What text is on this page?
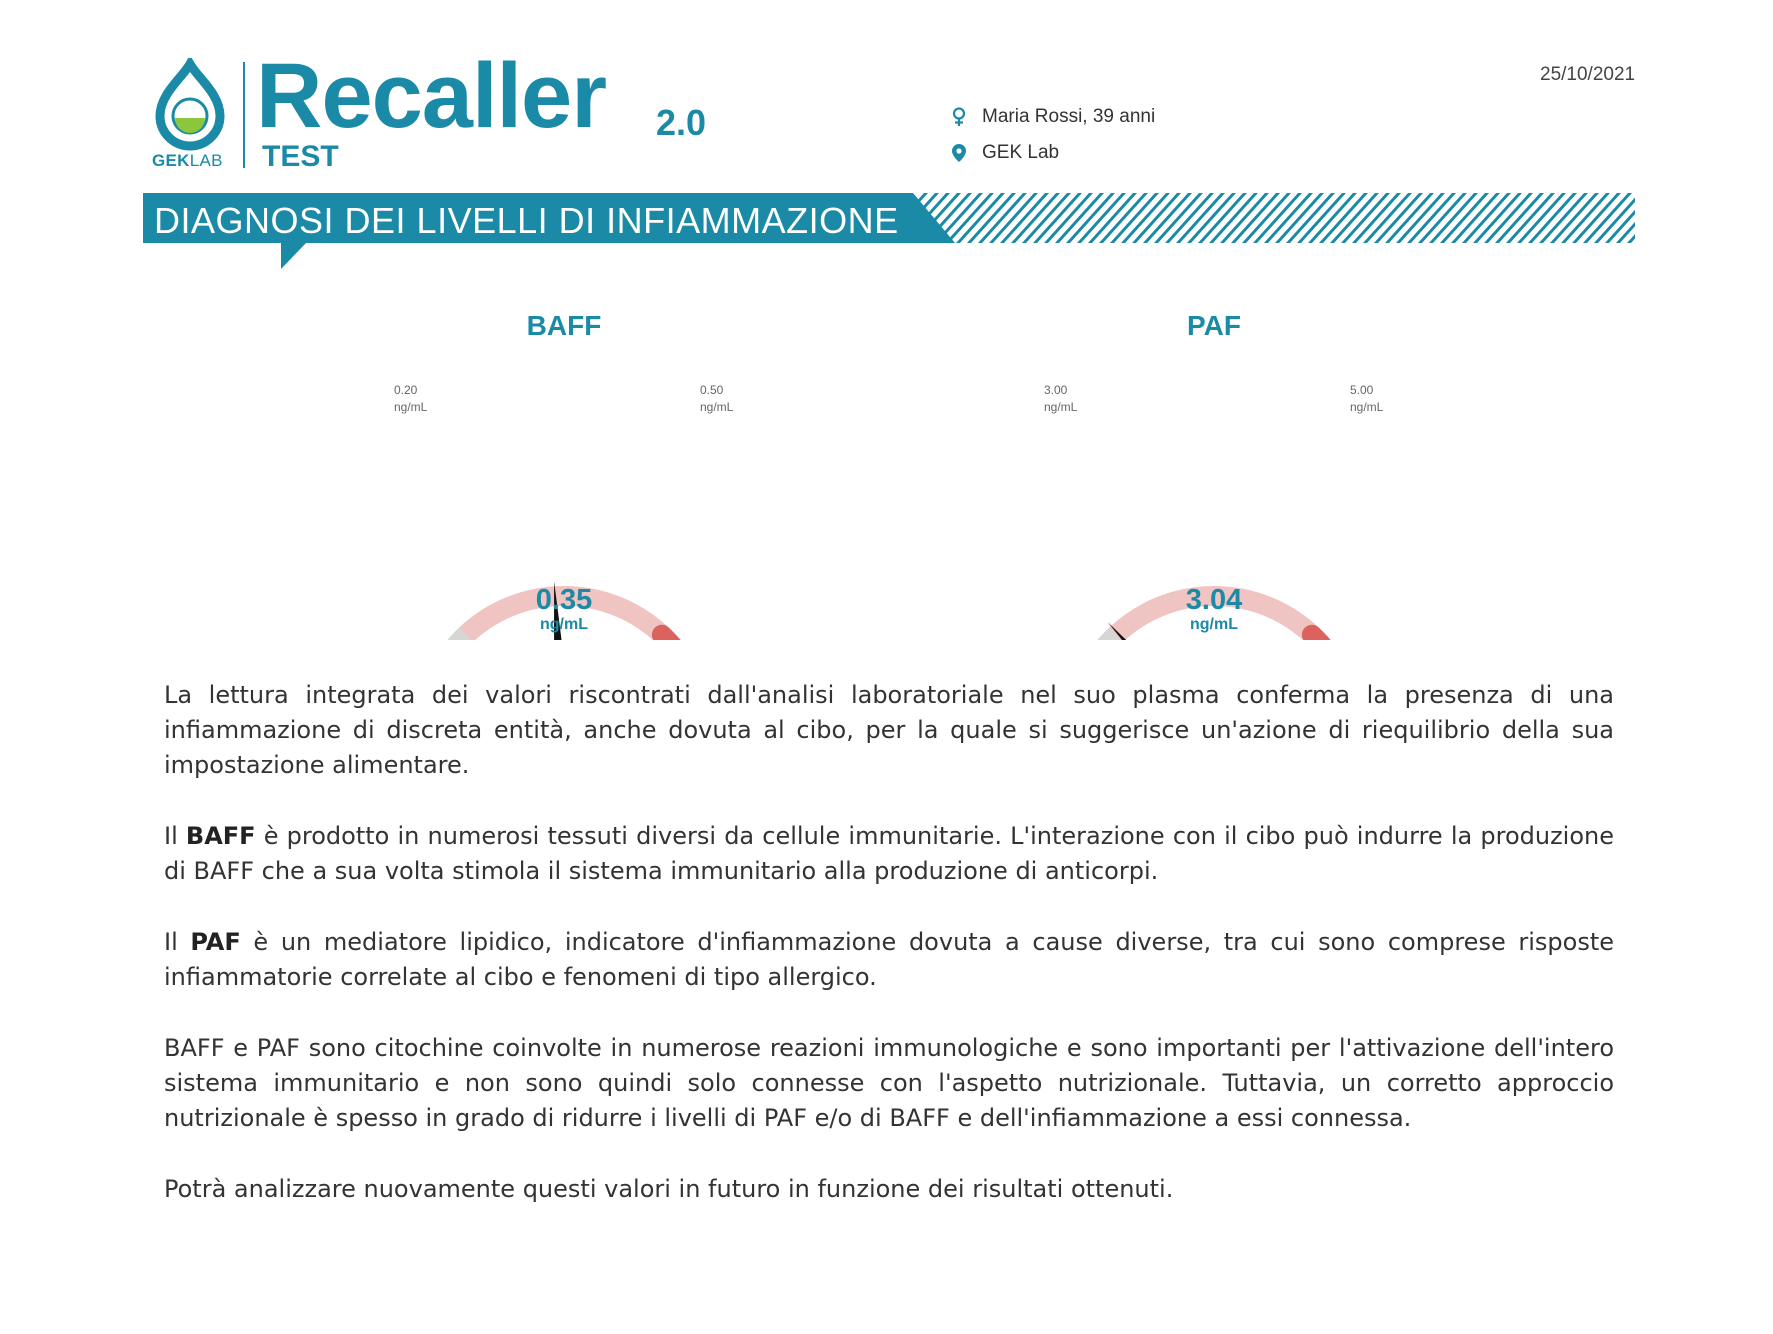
GEKLAB
Recaller 2.0
TEST
25/10/2021
Maria Rossi, 39 anni
GEK Lab
DIAGNOSI DEI LIVELLI DI INFIAMMAZIONE
BAFF
0.20
ng/mL
0.50
ng/mL
0.35
ng/mL
PAF
3.00
ng/mL
5.00
ng/mL
3.04
ng/mL

La lettura integrata dei valori riscontrati dall'analisi laboratoriale nel suo plasma conferma la presenza di una infiammazione di discreta entità, anche dovuta al cibo, per la quale si suggerisce un'azione di riequilibrio della sua impostazione alimentare.

Il BAFF è prodotto in numerosi tessuti diversi da cellule immunitarie. L'interazione con il cibo può indurre la produzione di BAFF che a sua volta stimola il sistema immunitario alla produzione di anticorpi.

Il PAF è un mediatore lipidico, indicatore d'infiammazione dovuta a cause diverse, tra cui sono comprese risposte infiammatorie correlate al cibo e fenomeni di tipo allergico.

BAFF e PAF sono citochine coinvolte in numerose reazioni immunologiche e sono importanti per l'attivazione dell'intero sistema immunitario e non sono quindi solo connesse con l'aspetto nutrizionale. Tuttavia, un corretto approccio nutrizionale è spesso in grado di ridurre i livelli di PAF e/o di BAFF e dell'infiammazione a essi connessa.

Potrà analizzare nuovamente questi valori in futuro in funzione dei risultati ottenuti.
